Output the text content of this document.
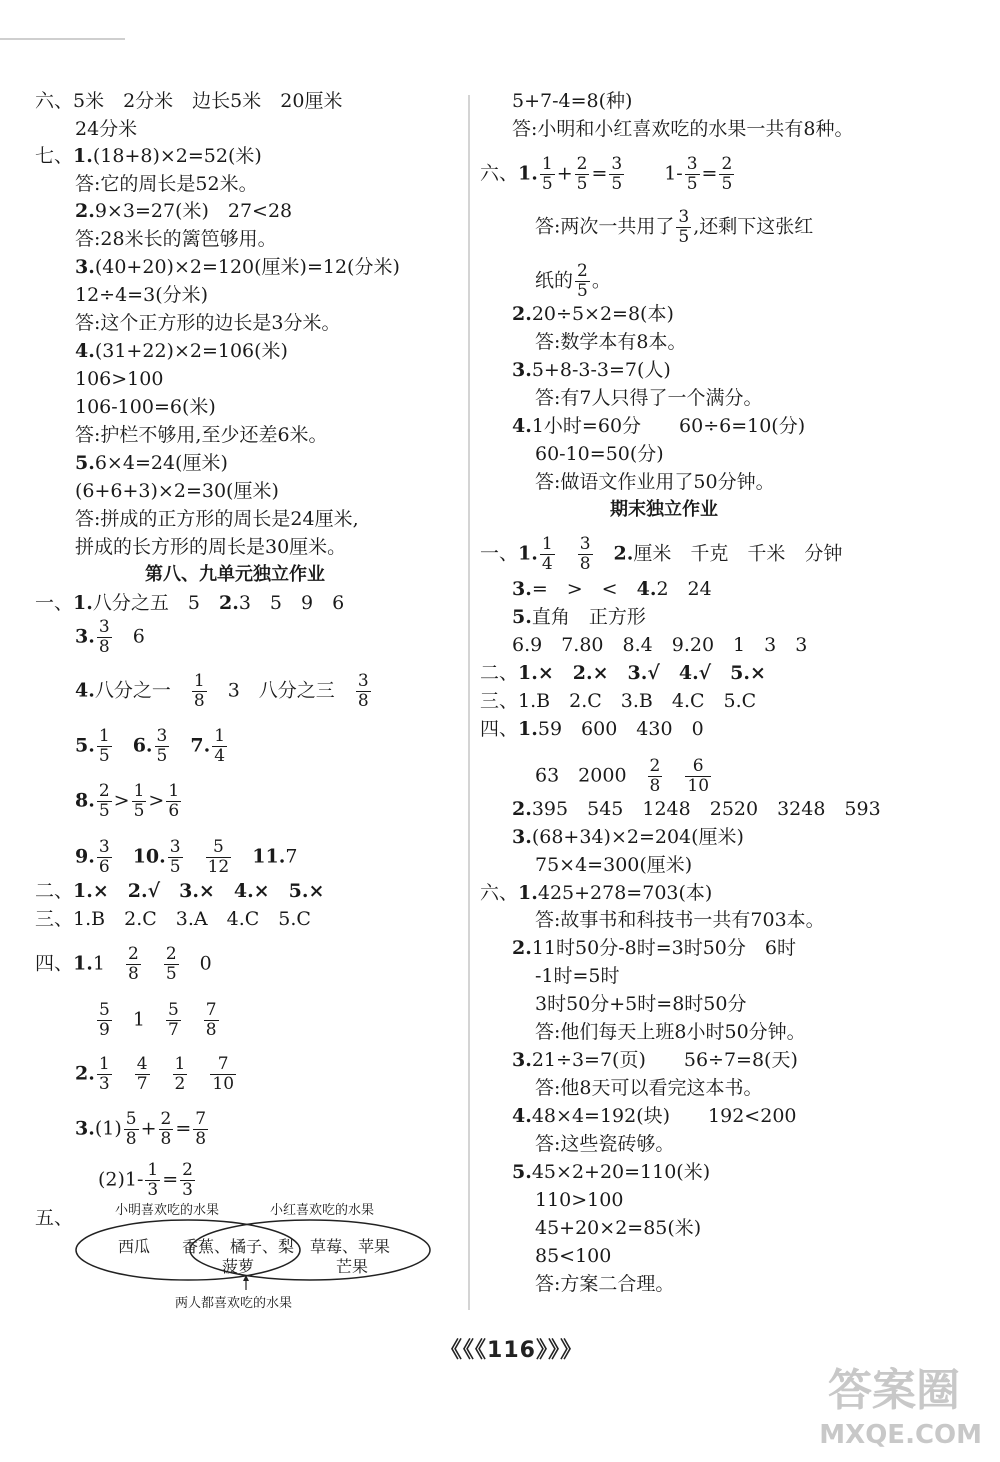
六、5米　2分米　边长5米　20厘米
24分米
七、1.(18+8)×2=52(米)
答:它的周长是52米。
2.9×3=27(米)　27<28
答:28米长的篱笆够用。
3.(40+20)×2=120(厘米)=12(分米)
12÷4=3(分米)
答:这个正方形的边长是3分米。
4.(31+22)×2=106(米)
106>100
106-100=6(米)
答:护栏不够用,至少还差6米。
5.6×4=24(厘米)
(6+6+3)×2=30(厘米)
答:拼成的正方形的周长是24厘米,
拼成的长方形的周长是30厘米。
第八、九单元独立作业
一、1.八分之五　5　 2.3　5　9　6
3. $\frac{3}{8}$
　 6
4.八分之一　 $\frac{1}{8}$
　 3　八分之三　 $\frac{3}{8}$
5. $\frac{1}{5}$
　 6. $\frac{3}{5}$
　 7. $\frac{1}{4}$
8. $\frac{2}{5} > \frac{1}{5} > \frac{1}{6}$
9. $\frac{3}{6}$
　 10. $\frac{3}{5}$
　 $\frac{5}{12}$
　 11.7
二、1.×　2.√　3.×　4.×　5.×
三、1.B　2.C　3.A　4.C　5.C
四、1.1　 $\frac{2}{8}$
　 $\frac{2}{5}$
　 0
$\frac{5}{9}$
　 1　 $\frac{5}{7}$
　 $\frac{7}{8}$
2. $\frac{1}{3}$
　 $\frac{4}{7}$
　 $\frac{1}{2}$
　 $\frac{7}{10}$
$3.(1) \frac{5}{8} + \frac{2}{8} = \frac{7}{8}$
$(2)1- \frac{1}{3} = \frac{2}{3}$
五、	小明喜欢吃的水果	小红喜欢吃的水果
西瓜 香蕉、橘子、梨
菠萝
草莓、苹果
芒果
两人都喜欢吃的水果
5+7-4=8(种)
答:小明和小红喜欢吃的水果一共有8种。
六、1. $\frac{1}{5} + \frac{2}{5} = \frac{3}{5}$
　　 $1- \frac{3}{5} = \frac{2}{5}$
答:两次一共用了 $\frac{3}{5}$ ,还剩下这张红
纸的 $\frac{2}{5}$ 。
2.20÷5×2=8(本)
答:数学本有8本。
3.5+8-3-3=7(人)
答:有7人只得了一个满分。
4.1小时=60分　　60÷6=10(分)
60-10=50(分)
答:做语文作业用了50分钟。
期末独立作业
一、1. $\frac{1}{4}$
　 $\frac{3}{8}$
　 2.厘米　千克　千米　分钟
3.=　>　<　 4.2　24
5.直角　正方形
6.9　7.80　8.4　9.20　1　3　3
二、1.×　2.×　3.√　4.√　5.×
三、1.B　2.C　3.B　4.C　5.C
四、1.59　600　430　0
63　2000　 $\frac{2}{8}$
　 $\frac{6}{10}$
2.395　545　1248　2520　3248　593
3.(68+34)×2=204(厘米)
75×4=300(厘米)
六、1.425+278=703(本)
答:故事书和科技书一共有703本。
2.11时50分-8时=3时50分　6时
-1时=5时
3时50分+5时=8时50分
答:他们每天上班8小时50分钟。
3.21÷3=7(页)　　56÷7=8(天)
答:他8天可以看完这本书。
4.48×4=192(块)　　192<200
答:这些瓷砖够。
5.45×2+20=110(米)
110>100
45+20×2=85(米)
85<100
答:方案二合理。
《《《116》》》
答案圈
MXQE.COM
